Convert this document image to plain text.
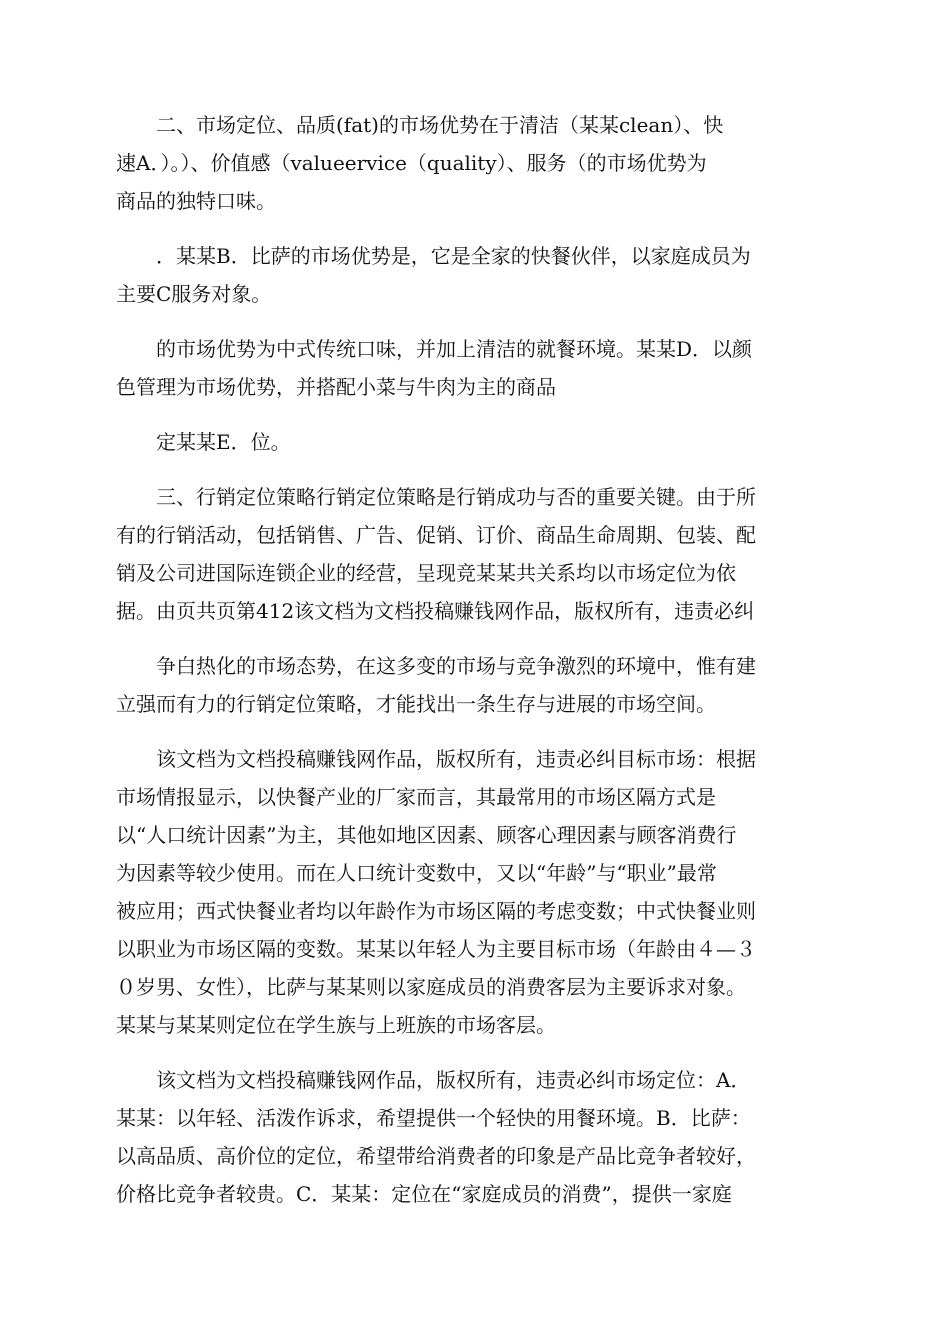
　　二、市场定位、品质(fat)的市场优势在于清洁（某某clean）、快
速A．）。）、价值感（valueervice（quality）、服务（的市场优势为
商品的独特口味。

　　．某某B．比萨的市场优势是，它是全家的快餐伙伴，以家庭成员为
主要C服务对象。

　　的市场优势为中式传统口味，并加上清洁的就餐环境。某某D．以颜
色管理为市场优势，并搭配小菜与牛肉为主的商品

　　定某某E．位。

　　三、行销定位策略行销定位策略是行销成功与否的重要关键。由于所
有的行销活动，包括销售、广告、促销、订价、商品生命周期、包装、配
销及公司进国际连锁企业的经营，呈现竞某某共关系均以市场定位为依
据。由页共页第412该文档为文档投稿赚钱网作品，版权所有，违责必纠

　　争白热化的市场态势，在这多变的市场与竞争激烈的环境中，惟有建
立强而有力的行销定位策略，才能找出一条生存与进展的市场空间。

　　该文档为文档投稿赚钱网作品，版权所有，违责必纠目标市场：根据
市场情报显示，以快餐产业的厂家而言，其最常用的市场区隔方式是
以“人口统计因素”为主，其他如地区因素、顾客心理因素与顾客消费行
为因素等较少使用。而在人口统计变数中，又以“年龄”与“职业”最常
被应用；西式快餐业者均以年龄作为市场区隔的考虑变数；中式快餐业则
以职业为市场区隔的变数。某某以年轻人为主要目标市场（年龄由４—３
０岁男、女性），比萨与某某则以家庭成员的消费客层为主要诉求对象。
某某与某某则定位在学生族与上班族的市场客层。

　　该文档为文档投稿赚钱网作品，版权所有，违责必纠市场定位：A．
某某：以年轻、活泼作诉求，希望提供一个轻快的用餐环境。B．比萨：
以高品质、高价位的定位，希望带给消费者的印象是产品比竞争者较好，
价格比竞争者较贵。C．某某：定位在“家庭成员的消费”，提供一家庭
